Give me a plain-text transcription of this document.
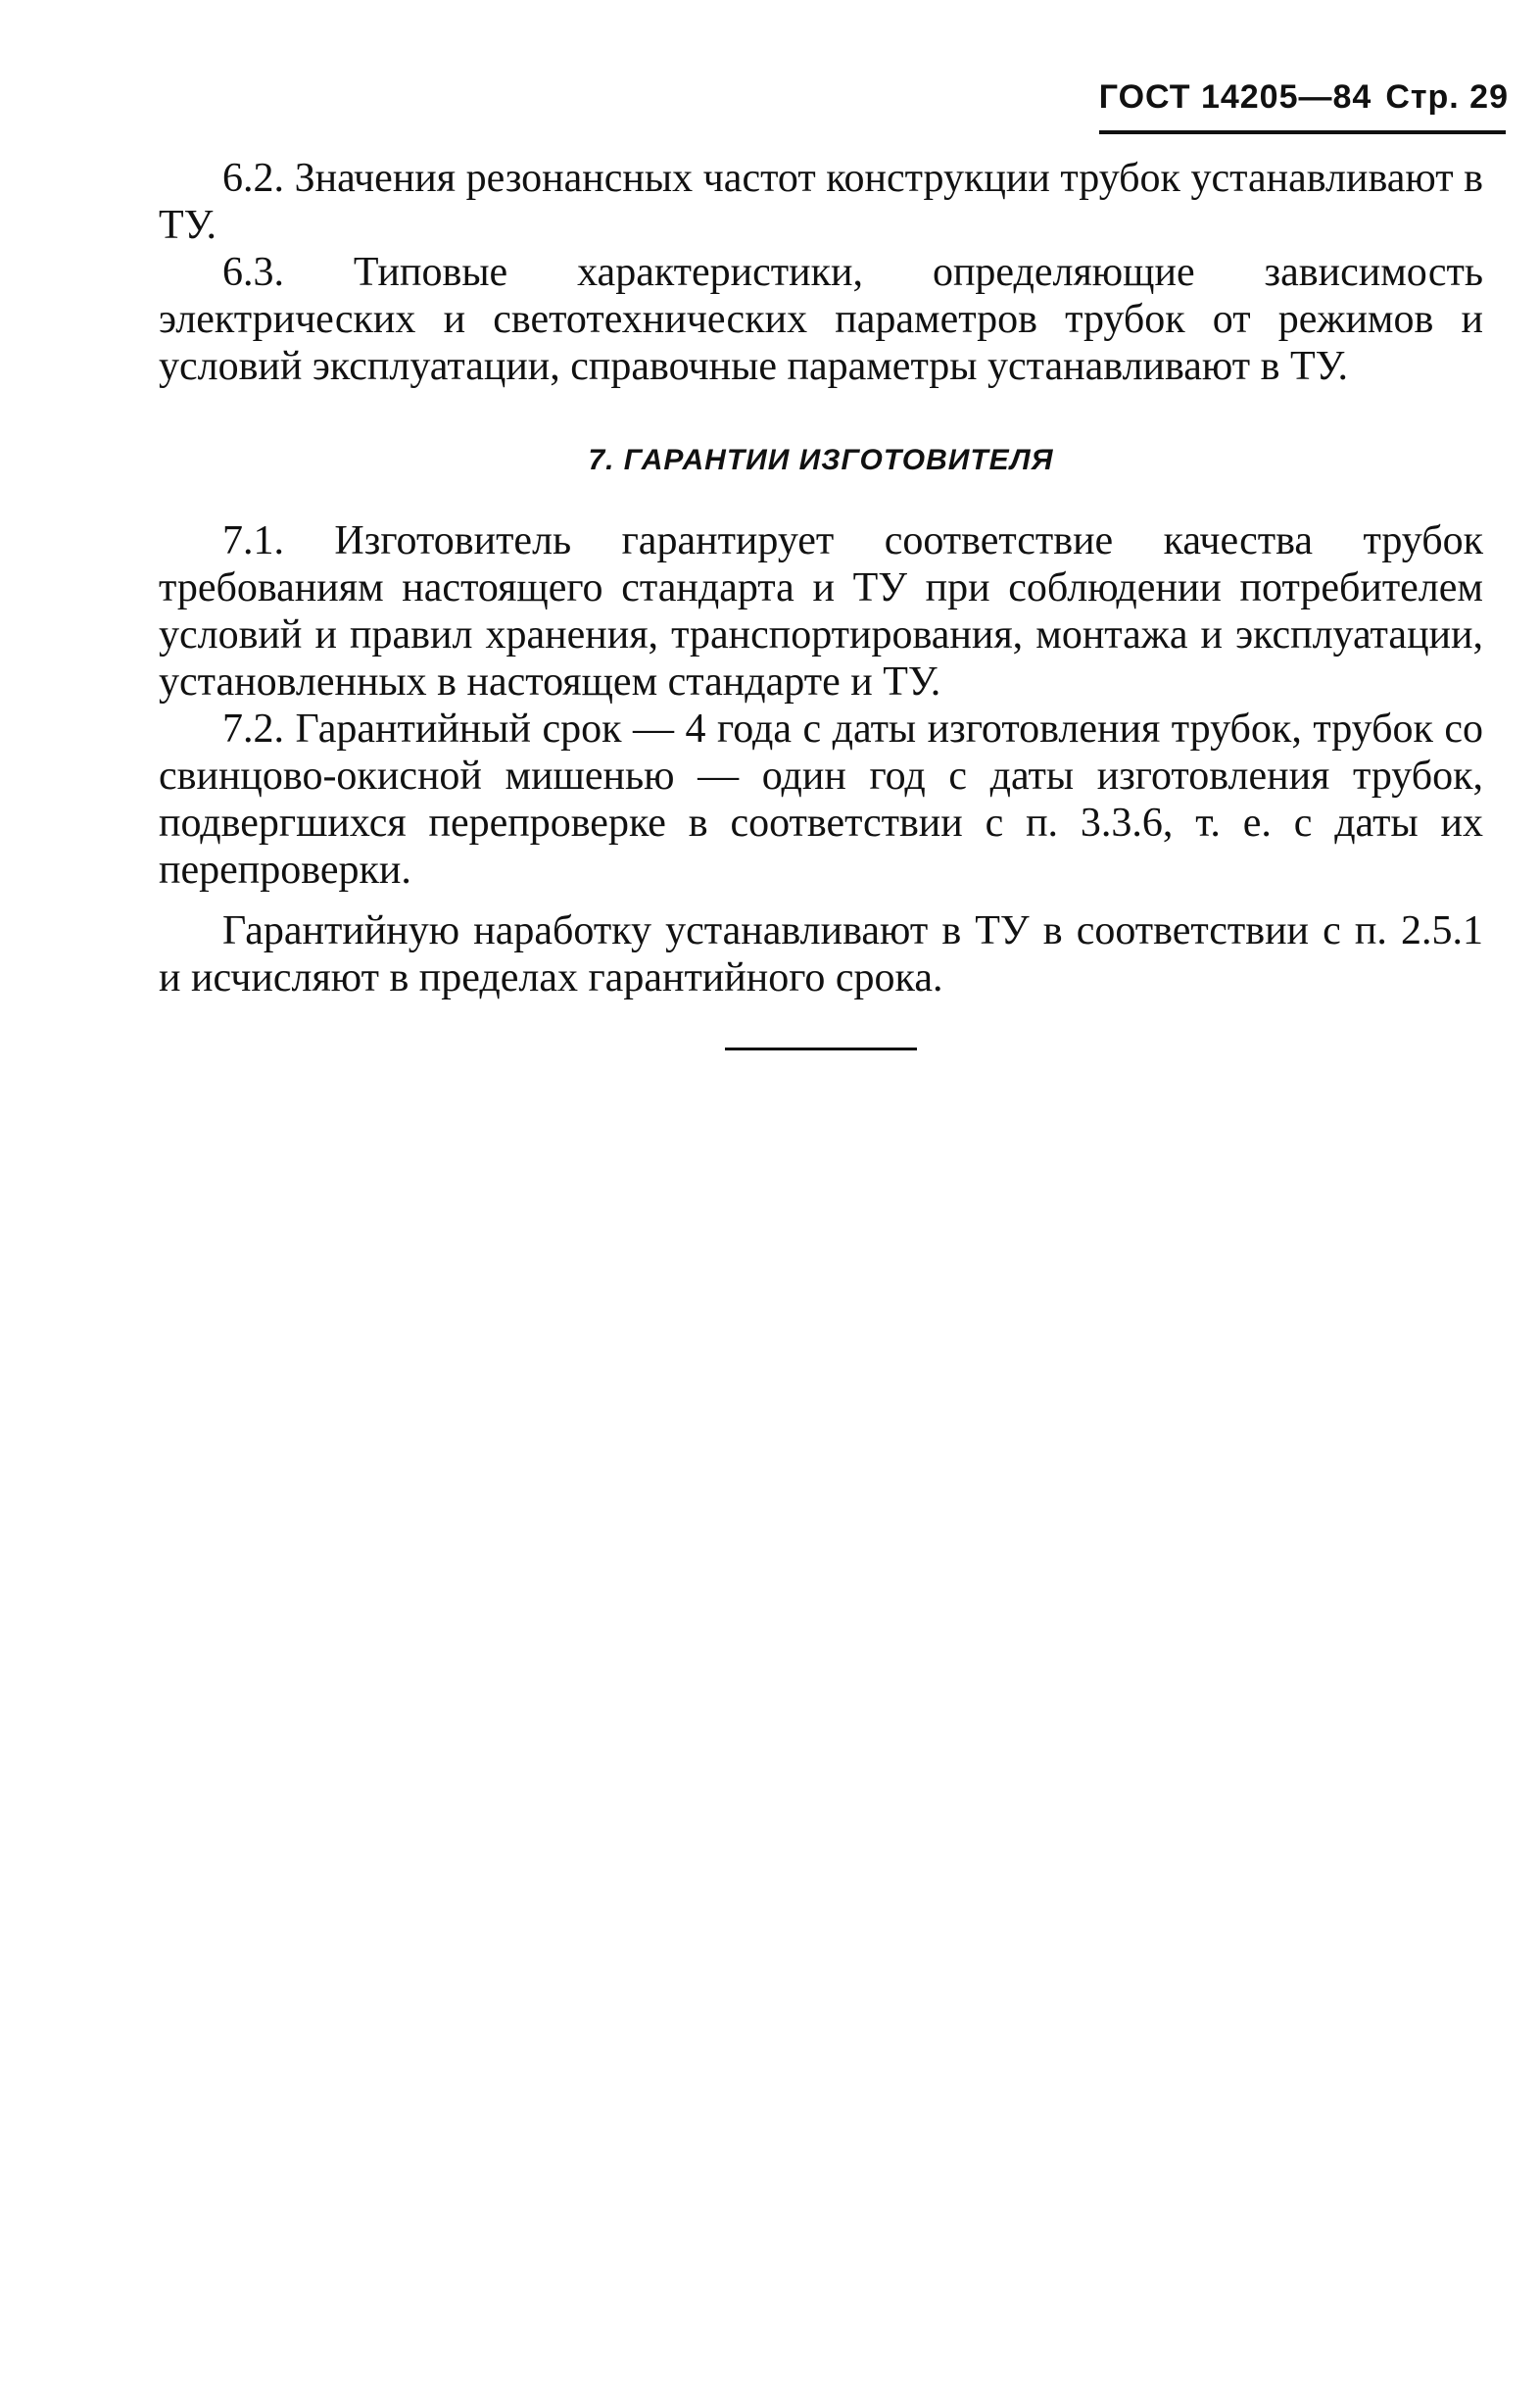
ГОСТ 14205—84 Стр. 29

6.2. Значения резонансных частот конструкции трубок устанавливают в ТУ.

6.3. Типовые характеристики, определяющие зависимость электрических и светотехнических параметров трубок от режимов и условий эксплуатации, справочные параметры устанавливают в ТУ.

7. ГАРАНТИИ ИЗГОТОВИТЕЛЯ

7.1. Изготовитель гарантирует соответствие качества трубок требованиям настоящего стандарта и ТУ при соблюдении потребителем условий и правил хранения, транспортирования, монтажа и эксплуатации, установленных в настоящем стандарте и ТУ.

7.2. Гарантийный срок — 4 года с даты изготовления трубок, трубок со свинцово-окисной мишенью — один год с даты изготовления трубок, подвергшихся перепроверке в соответствии с п. 3.3.6, т. е. с даты их перепроверки.

Гарантийную наработку устанавливают в ТУ в соответствии с п. 2.5.1 и исчисляют в пределах гарантийного срока.
